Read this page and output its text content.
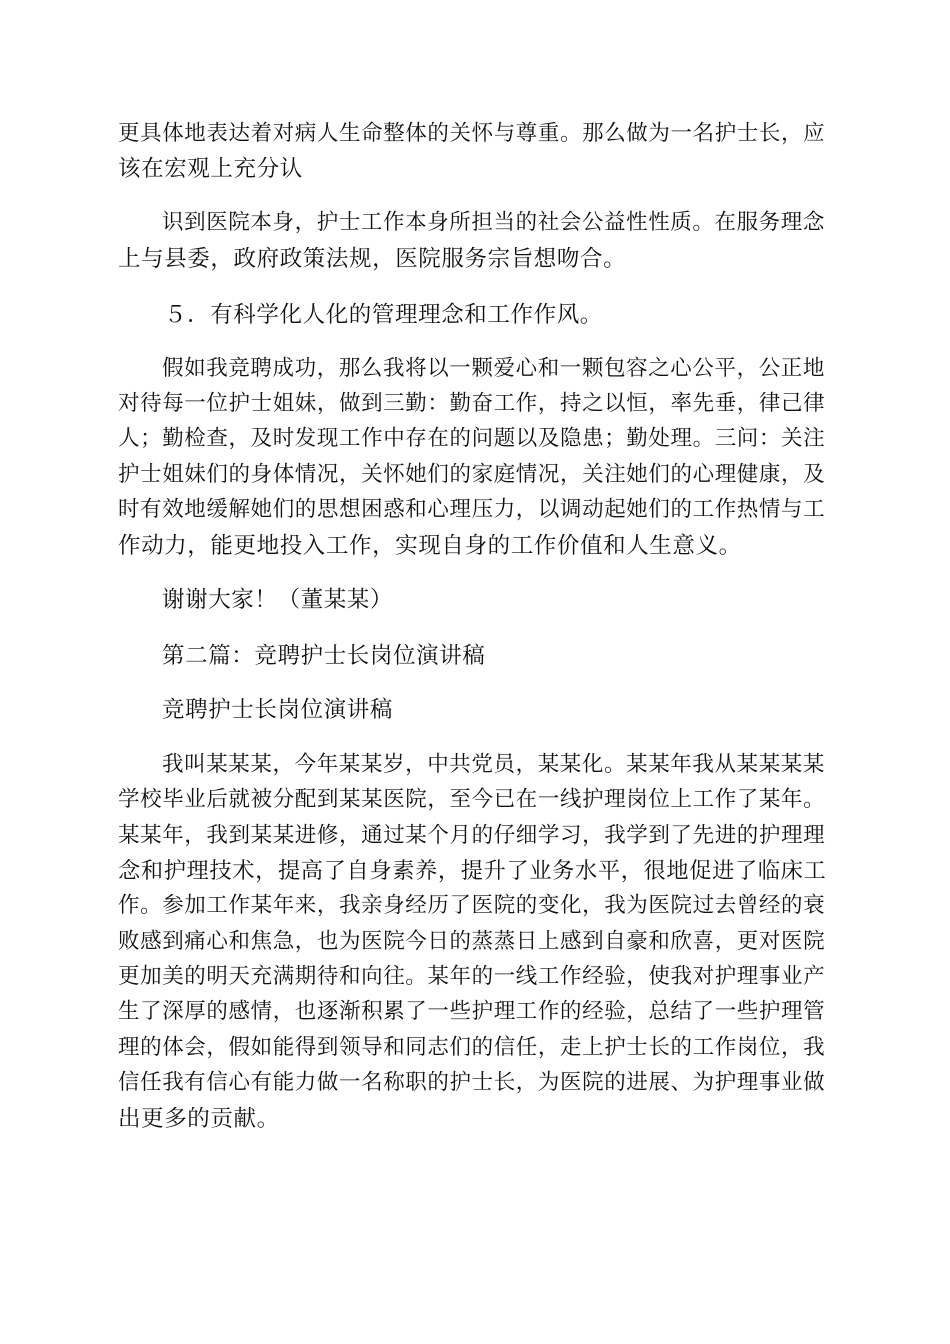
更具体地表达着对病人生命整体的关怀与尊重。那么做为一名护士长，应
该在宏观上充分认
识到医院本身，护士工作本身所担当的社会公益性性质。在服务理念
上与县委，政府政策法规，医院服务宗旨想吻合。
５．有科学化人化的管理理念和工作作风。
假如我竞聘成功，那么我将以一颗爱心和一颗包容之心公平，公正地
对待每一位护士姐妹，做到三勤：勤奋工作，持之以恒，率先垂，律己律
人；勤检查，及时发现工作中存在的问题以及隐患；勤处理。三问：关注
护士姐妹们的身体情况，关怀她们的家庭情况，关注她们的心理健康，及
时有效地缓解她们的思想困惑和心理压力，以调动起她们的工作热情与工
作动力，能更地投入工作，实现自身的工作价值和人生意义。
谢谢大家！（董某某）
第二篇：竞聘护士长岗位演讲稿
竞聘护士长岗位演讲稿
我叫某某某，今年某某岁，中共党员，某某化。某某年我从某某某某
学校毕业后就被分配到某某医院，至今已在一线护理岗位上工作了某年。
某某年，我到某某进修，通过某个月的仔细学习，我学到了先进的护理理
念和护理技术，提高了自身素养，提升了业务水平，很地促进了临床工
作。参加工作某年来，我亲身经历了医院的变化，我为医院过去曾经的衰
败感到痛心和焦急，也为医院今日的蒸蒸日上感到自豪和欣喜，更对医院
更加美的明天充满期待和向往。某年的一线工作经验，使我对护理事业产
生了深厚的感情，也逐渐积累了一些护理工作的经验，总结了一些护理管
理的体会，假如能得到领导和同志们的信任，走上护士长的工作岗位，我
信任我有信心有能力做一名称职的护士长，为医院的进展、为护理事业做
出更多的贡献。
